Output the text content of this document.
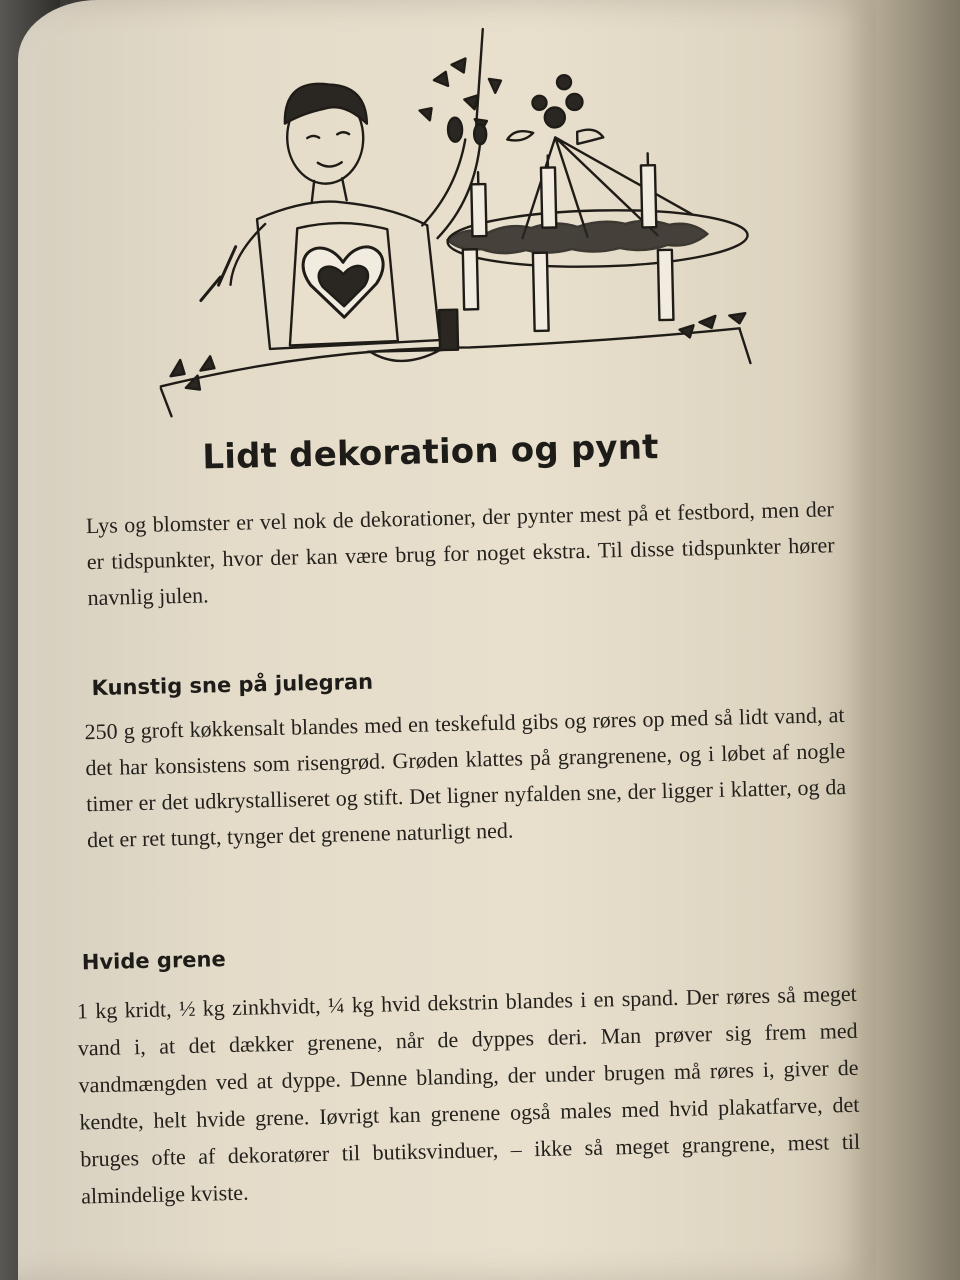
Lidt dekoration og pynt

Lys og blomster er vel nok de dekorationer, der pynter mest på et festbord, men der er tidspunkter, hvor der kan være brug for noget ekstra. Til disse tidspunkter hører navnlig julen.

Kunstig sne på julegran

250 g groft køkkensalt blandes med en teskefuld gibs og røres op med så lidt vand, at det har konsistens som risengrød. Grøden klattes på grangrenene, og i løbet af nogle timer er det udkrystalliseret og stift. Det ligner nyfalden sne, der ligger i klatter, og da det er ret tungt, tynger det grenene naturligt ned.

Hvide grene

1 kg kridt, ½ kg zinkhvidt, ¼ kg hvid dekstrin blandes i en spand. Der røres så meget vand i, at det dækker grenene, når de dyppes deri. Man prøver sig frem med vandmængden ved at dyppe. Denne blanding, der under brugen må røres i, giver de kendte, helt hvide grene. Iøvrigt kan grenene også males med hvid plakatfarve, det bruges ofte af dekoratører til butiksvinduer, – ikke så meget grangrene, mest til almindelige kviste.
